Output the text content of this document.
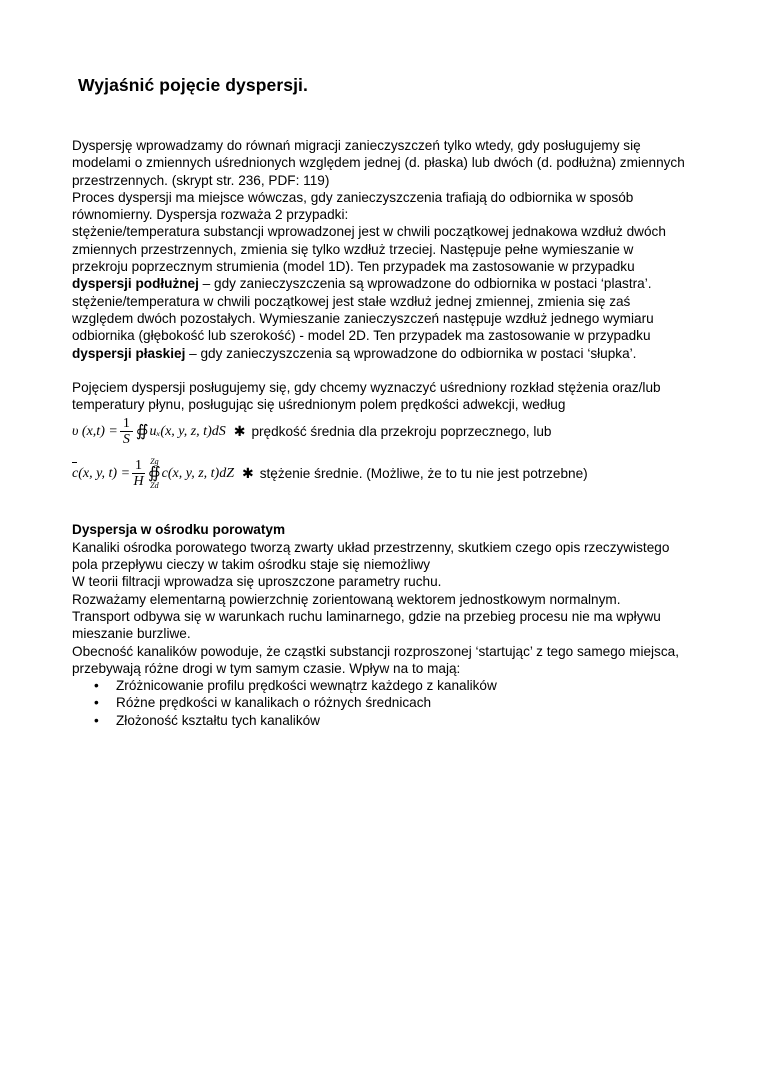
Wyjaśnić pojęcie dyspersji.

Dyspersję wprowadzamy do równań migracji zanieczyszczeń tylko wtedy, gdy posługujemy się modelami o zmiennych uśrednionych względem jednej (d. płaska) lub dwóch (d. podłużna) zmiennych przestrzennych. (skrypt str. 236, PDF: 119)

Proces dyspersji ma miejsce wówczas, gdy zanieczyszczenia trafiają do odbiornika w sposób równomierny. Dyspersja rozważa 2 przypadki:

stężenie/temperatura substancji wprowadzonej jest w chwili początkowej jednakowa wzdłuż dwóch zmiennych przestrzennych, zmienia się tylko wzdłuż trzeciej. Następuje pełne wymieszanie w przekroju poprzecznym strumienia (model 1D). Ten przypadek ma zastosowanie w przypadku dyspersji podłużnej – gdy zanieczyszczenia są wprowadzone do odbiornika w postaci ‘plastra’.

stężenie/temperatura w chwili początkowej jest stałe wzdłuż jednej zmiennej, zmienia się zaś względem dwóch pozostałych. Wymieszanie zanieczyszczeń następuje wzdłuż jednego wymiaru odbiornika (głębokość lub szerokość) - model 2D. Ten przypadek ma zastosowanie w przypadku dyspersji płaskiej – gdy zanieczyszczenia są wprowadzone do odbiornika w postaci ‘słupka’.

Pojęciem dyspersji posługujemy się, gdy chcemy wyznaczyć uśredniony rozkład stężenia oraz/lub temperatury płynu, posługując się uśrednionym polem prędkości adwekcji, według

υ $(x,t) = \frac{1}{S}$ ∯ uₓ(x, y, z, t)dS ✱ prędkość średnia dla przekroju poprzecznego, lub
c (x, y, $t) = \frac{1}{H}$ Zg
∯
Zd
c(x, y, z, t)dZ ✱ stężenie średnie. (Możliwe, że to tu nie jest potrzebne)

Dyspersja w ośrodku porowatym

Kanaliki ośrodka porowatego tworzą zwarty układ przestrzenny, skutkiem czego opis rzeczywistego pola przepływu cieczy w takim ośrodku staje się niemożliwy

W teorii filtracji wprowadza się uproszczone parametry ruchu.

Rozważamy elementarną powierzchnię zorientowaną wektorem jednostkowym normalnym.

Transport odbywa się w warunkach ruchu laminarnego, gdzie na przebieg procesu nie ma wpływu mieszanie burzliwe.

Obecność kanalików powoduje, że cząstki substancji rozproszonej ‘startując’ z tego samego miejsca, przebywają różne drogi w tym samym czasie. Wpływ na to mają:

• Zróżnicowanie profilu prędkości wewnątrz każdego z kanalików
• Różne prędkości w kanalikach o różnych średnicach
• Złożoność kształtu tych kanalików
